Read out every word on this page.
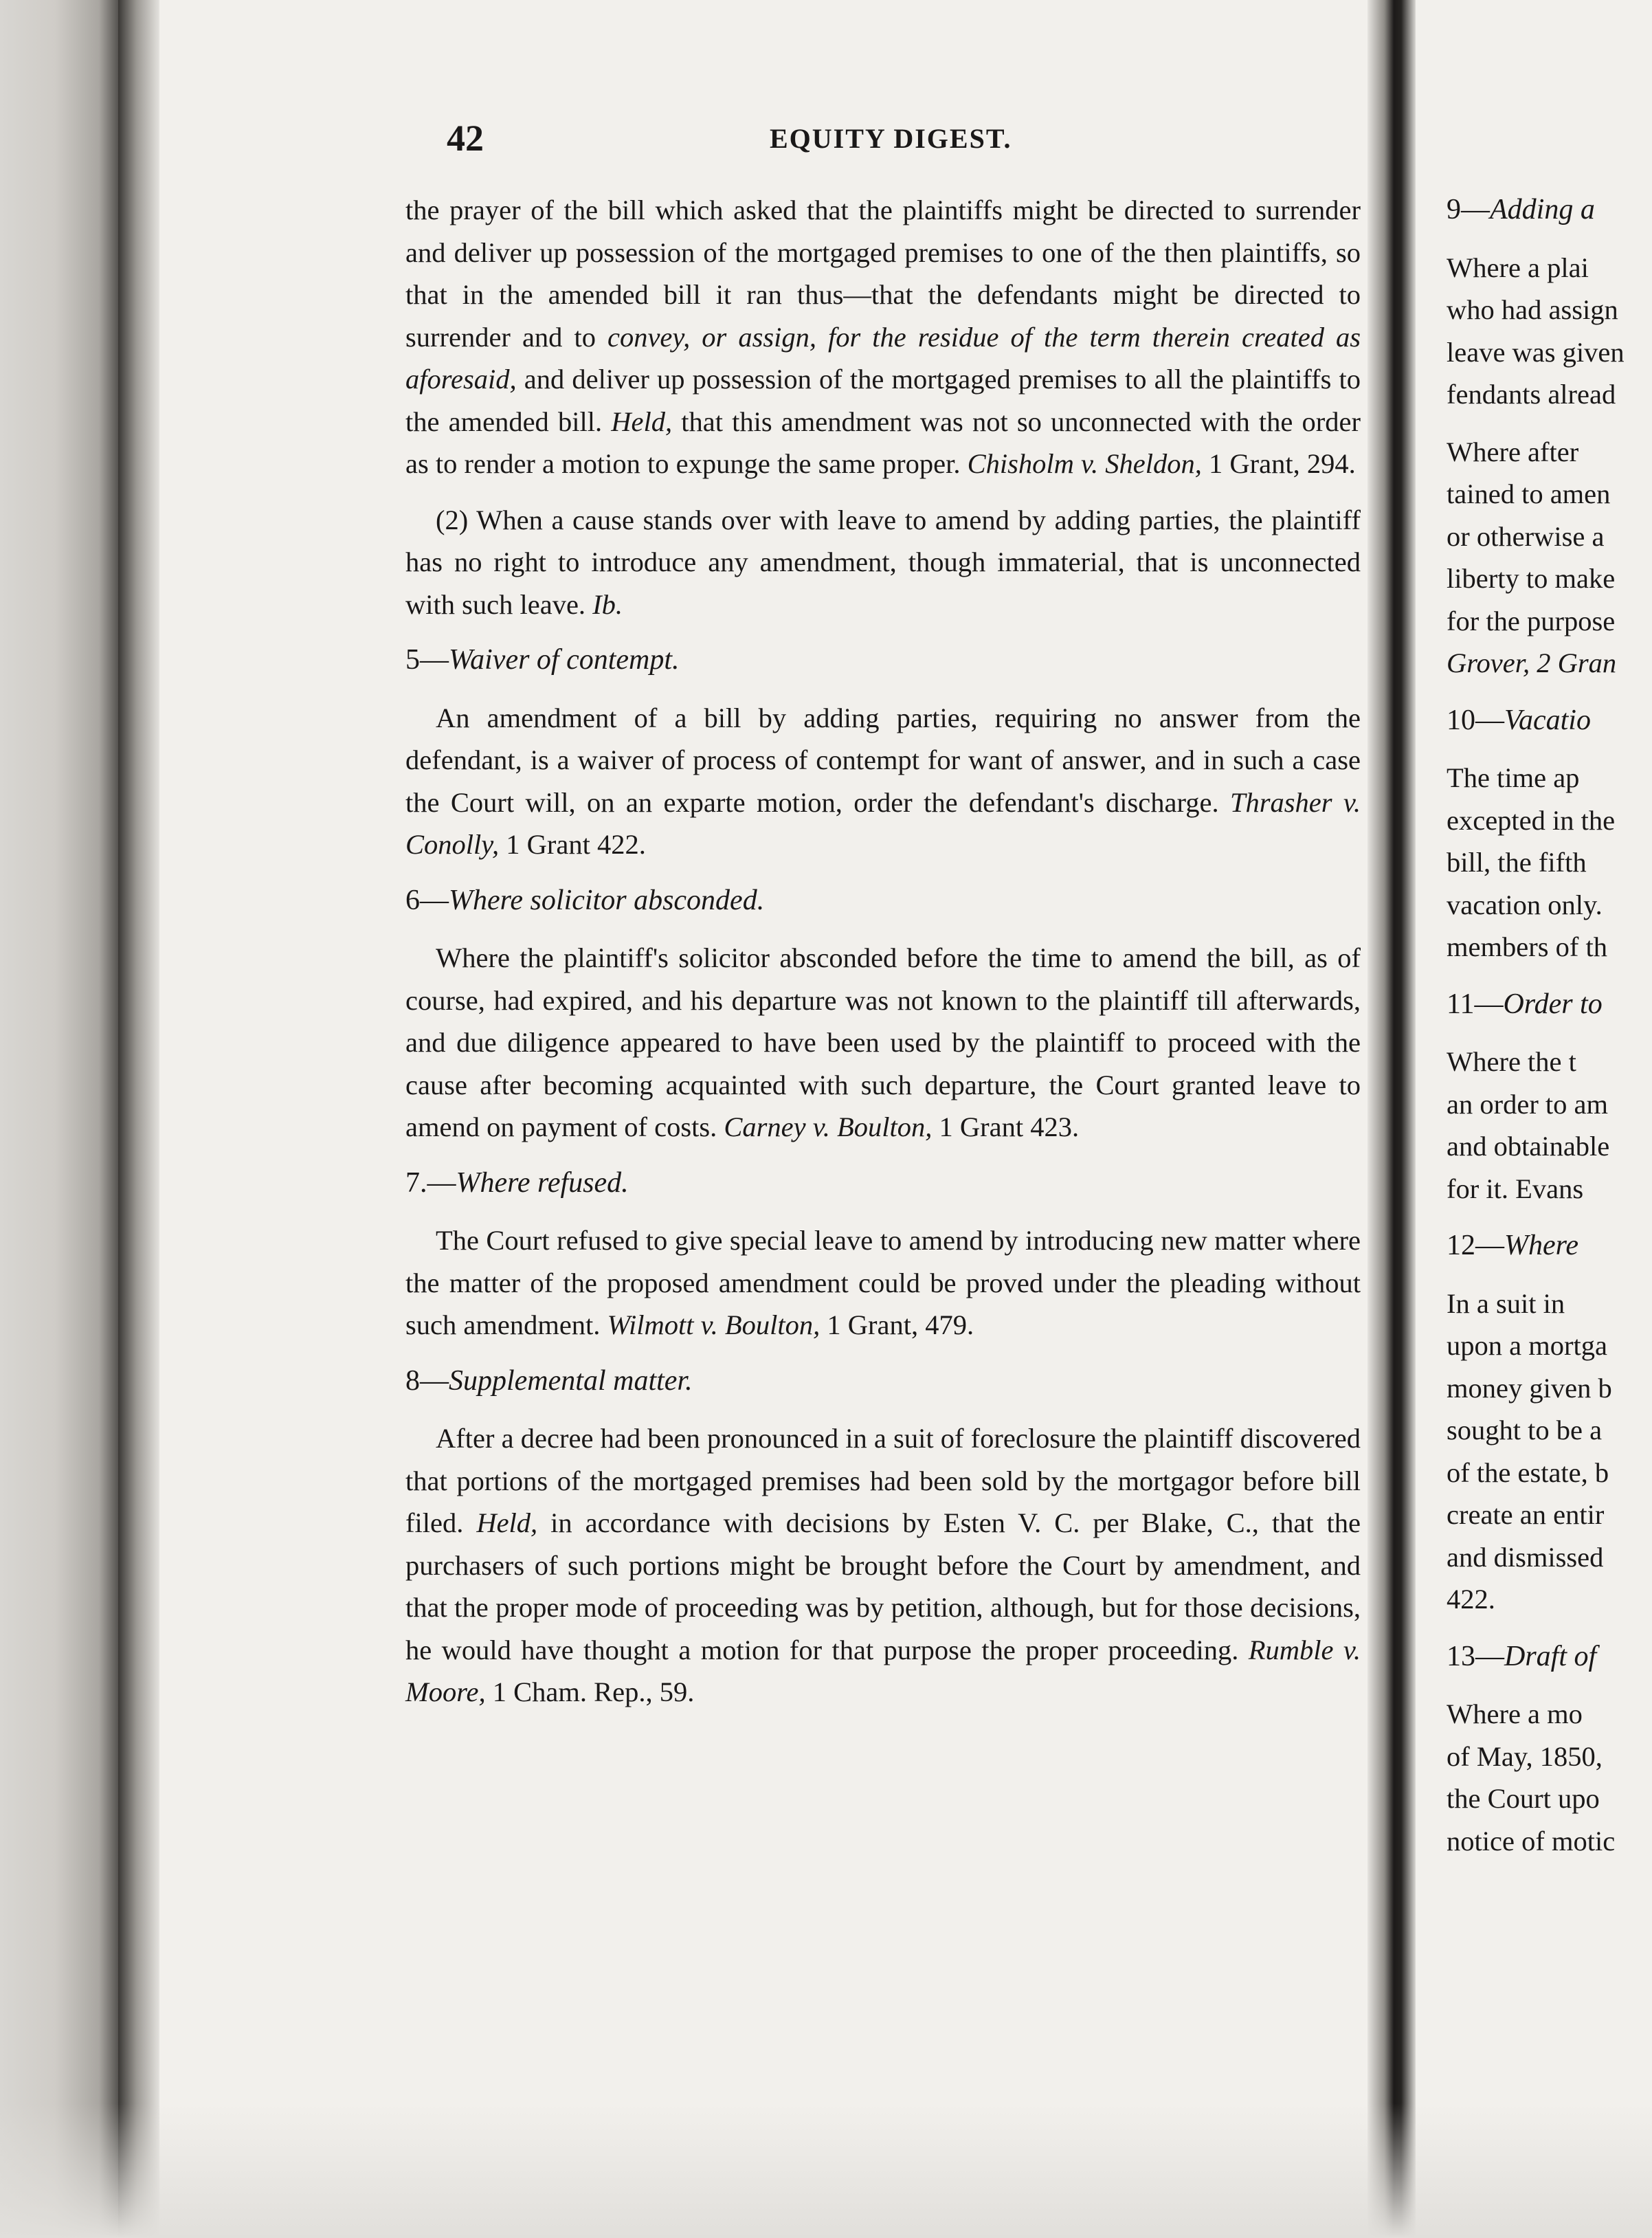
42	EQUITY DIGEST.

the prayer of the bill which asked that the plaintiffs might be directed to surrender and deliver up possession of the mortgaged premises to one of the then plaintiffs, so that in the amended bill it ran thus—that the defendants might be directed to surrender and to convey, or assign, for the residue of the term therein created as aforesaid, and deliver up possession of the mortgaged premises to all the plaintiffs to the amended bill. Held, that this amendment was not so unconnected with the order as to render a motion to expunge the same proper. Chisholm v. Sheldon, 1 Grant, 294.

(2) When a cause stands over with leave to amend by adding parties, the plaintiff has no right to introduce any amendment, though immaterial, that is unconnected with such leave. Ib.

5—Waiver of contempt.

An amendment of a bill by adding parties, requiring no answer from the defendant, is a waiver of process of contempt for want of answer, and in such a case the Court will, on an exparte motion, order the defendant's discharge. Thrasher v. Conolly, 1 Grant 422.

6—Where solicitor absconded.

Where the plaintiff's solicitor absconded before the time to amend the bill, as of course, had expired, and his departure was not known to the plaintiff till afterwards, and due diligence appeared to have been used by the plaintiff to proceed with the cause after becoming acquainted with such departure, the Court granted leave to amend on payment of costs. Carney v. Boulton, 1 Grant 423.

7.—Where refused.

The Court refused to give special leave to amend by introducing new matter where the matter of the proposed amendment could be proved under the pleading without such amendment. Wilmott v. Boulton, 1 Grant, 479.

8—Supplemental matter.

After a decree had been pronounced in a suit of foreclosure the plaintiff discovered that portions of the mortgaged premises had been sold by the mortgagor before bill filed. Held, in accordance with decisions by Esten V. C. per Blake, C., that the purchasers of such portions might be brought before the Court by amendment, and that the proper mode of proceeding was by petition, although, but for those decisions, he would have thought a motion for that purpose the proper proceeding. Rumble v. Moore, 1 Cham. Rep., 59.

9—Adding a
Where a plai
who had assign
leave was given
fendants alread
Where after
tained to amen
or otherwise a
liberty to make
for the purpose
Grover, 2 Gran
10—Vacatio
The time ap
excepted in the
bill, the fifth
vacation only.
members of th
11—Order to
Where the t
an order to am
and obtainable
for it. Evans
12—Where
In a suit in
upon a mortga
money given b
sought to be a
of the estate, b
create an entir
and dismissed
422.
13—Draft of
Where a mo
of May, 1850,
the Court upo
notice of motic
